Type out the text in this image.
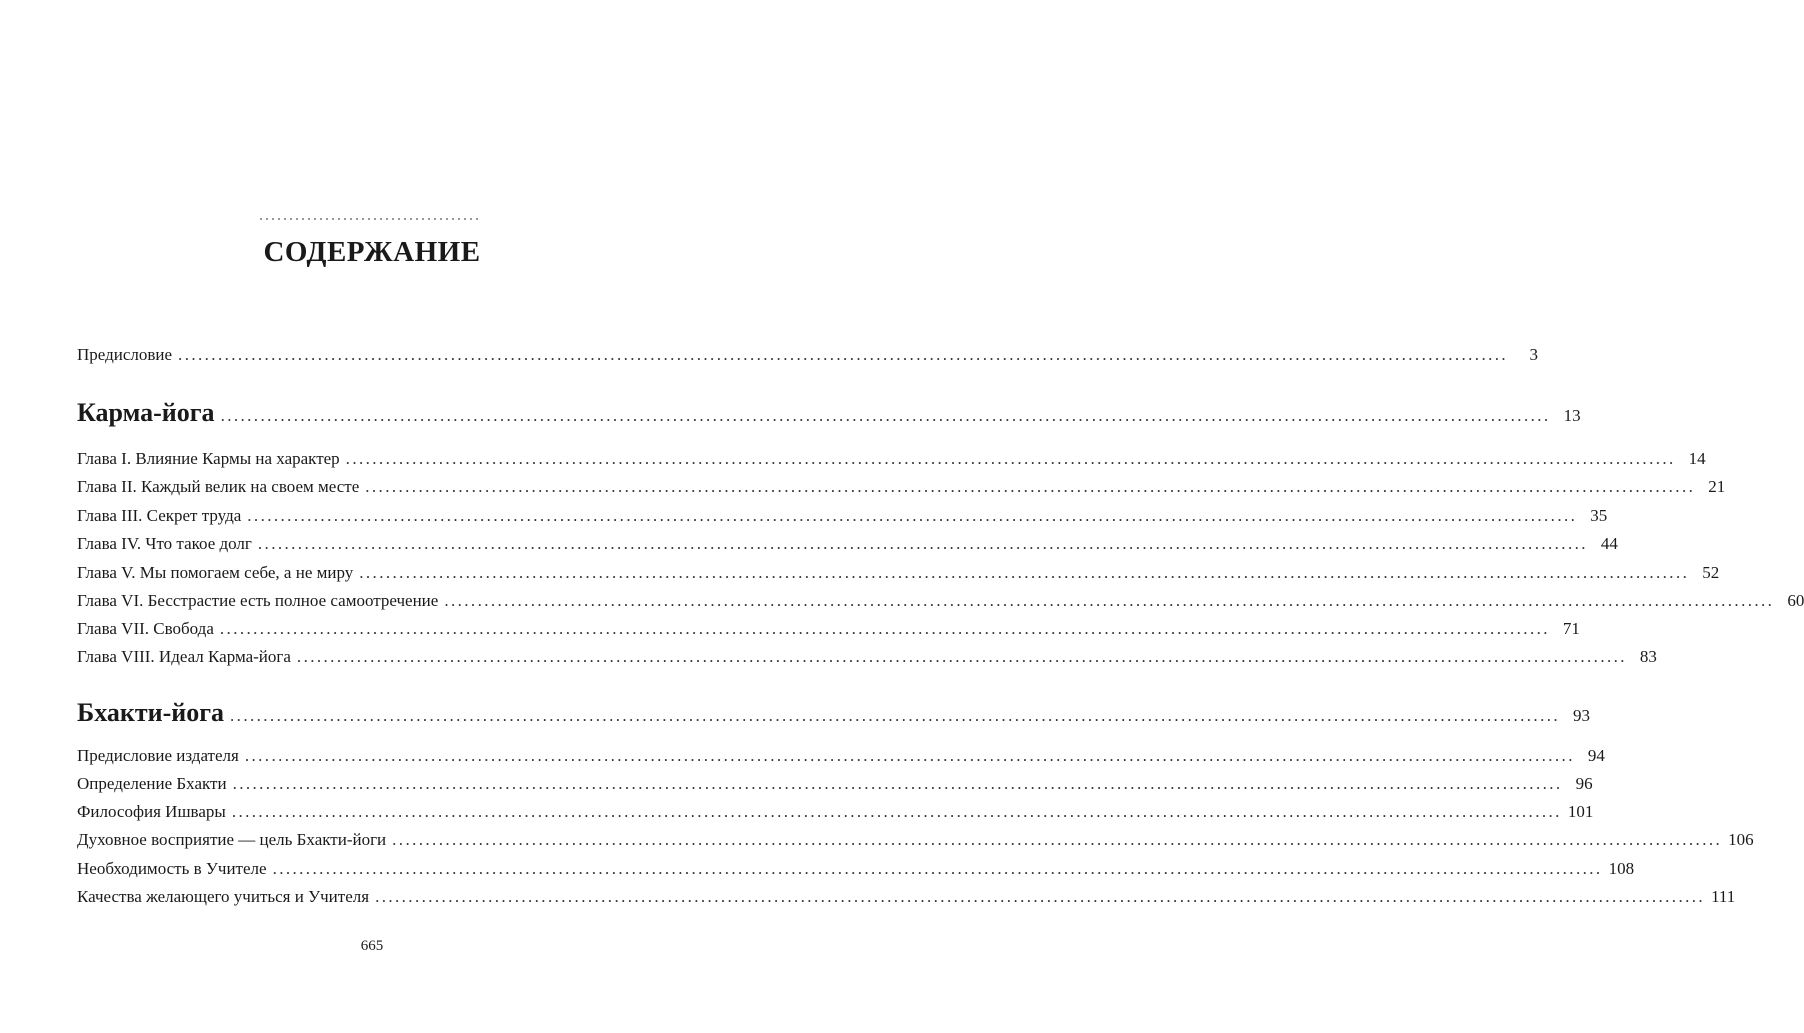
СОДЕРЖАНИЕ
Предисловие ........................................................................................................................................................................................................	3
Карма-йога ........................................................................................................................................................................................................ 13
Глава I. Влияние Кармы на характер ........................................................................................................................................................................................................ 14
Глава II. Каждый велик на своем месте ........................................................................................................................................................................................................ 21
Глава III. Секрет труда ........................................................................................................................................................................................................ 35
Глава IV. Что такое долг ........................................................................................................................................................................................................ 44
Глава V. Мы помогаем себе, а не миру ........................................................................................................................................................................................................ 52
Глава VI. Бесстрастие есть полное самоотречение ........................................................................................................................................................................................................ 60
Глава VII. Свобода ........................................................................................................................................................................................................ 71
Глава VIII. Идеал Карма-йога ........................................................................................................................................................................................................ 83
Бхакти-йога ........................................................................................................................................................................................................ 93
Предисловие издателя ........................................................................................................................................................................................................ 94
Определение Бхакти ........................................................................................................................................................................................................ 96
Философия Ишвары ........................................................................................................................................................................................................ 101
Духовное восприятие — цель Бхакти-йоги ........................................................................................................................................................................................................ 106
Необходимость в Учителе ........................................................................................................................................................................................................ 108
Качества желающего учиться и Учителя ........................................................................................................................................................................................................ 111
665
